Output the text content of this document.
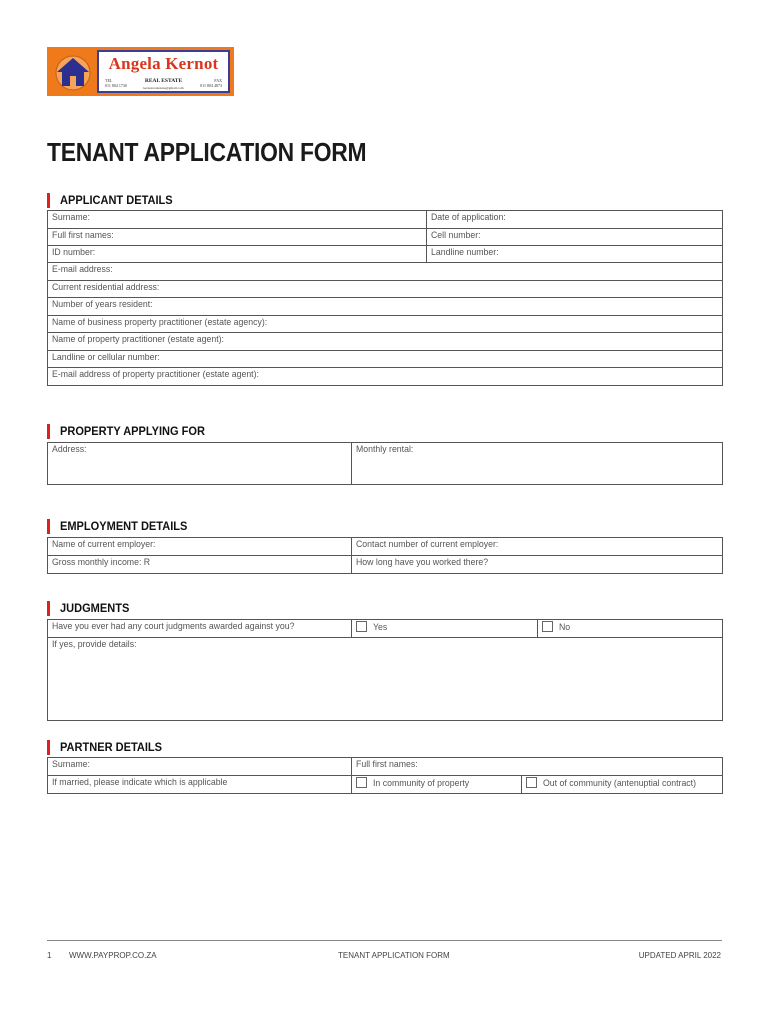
Angela Kernot
TEL
011 804 1730
REAL ESTATE	FAX
011 804 4873
kernotrealestate@gmail.com
TENANT APPLICATION FORM
APPLICANT DETAILS
Surname:	Date of application:
Full first names:	Cell number:
ID number:	Landline number:
E-mail address:	
Current residential address:	
Number of years resident:	
Name of business property practitioner (estate agency):	
Name of property practitioner (estate agent):	
Landline or cellular number:	
E-mail address of property practitioner (estate agent):	
PROPERTY APPLYING FOR
Address:	Monthly rental:
EMPLOYMENT DETAILS
Name of current employer:	Contact number of current employer:
Gross monthly income: R	How long have you worked there?
JUDGMENTS
Have you ever had any court judgments awarded against you?	Yes	No
If yes, provide details:
PARTNER DETAILS
Surname:	Full first names:	
If married, please indicate which is applicable	In community of property	Out of community (antenuptial contract)
1 WWW.PAYPROP.CO.ZA	TENANT APPLICATION FORM	UPDATED APRIL 2022
